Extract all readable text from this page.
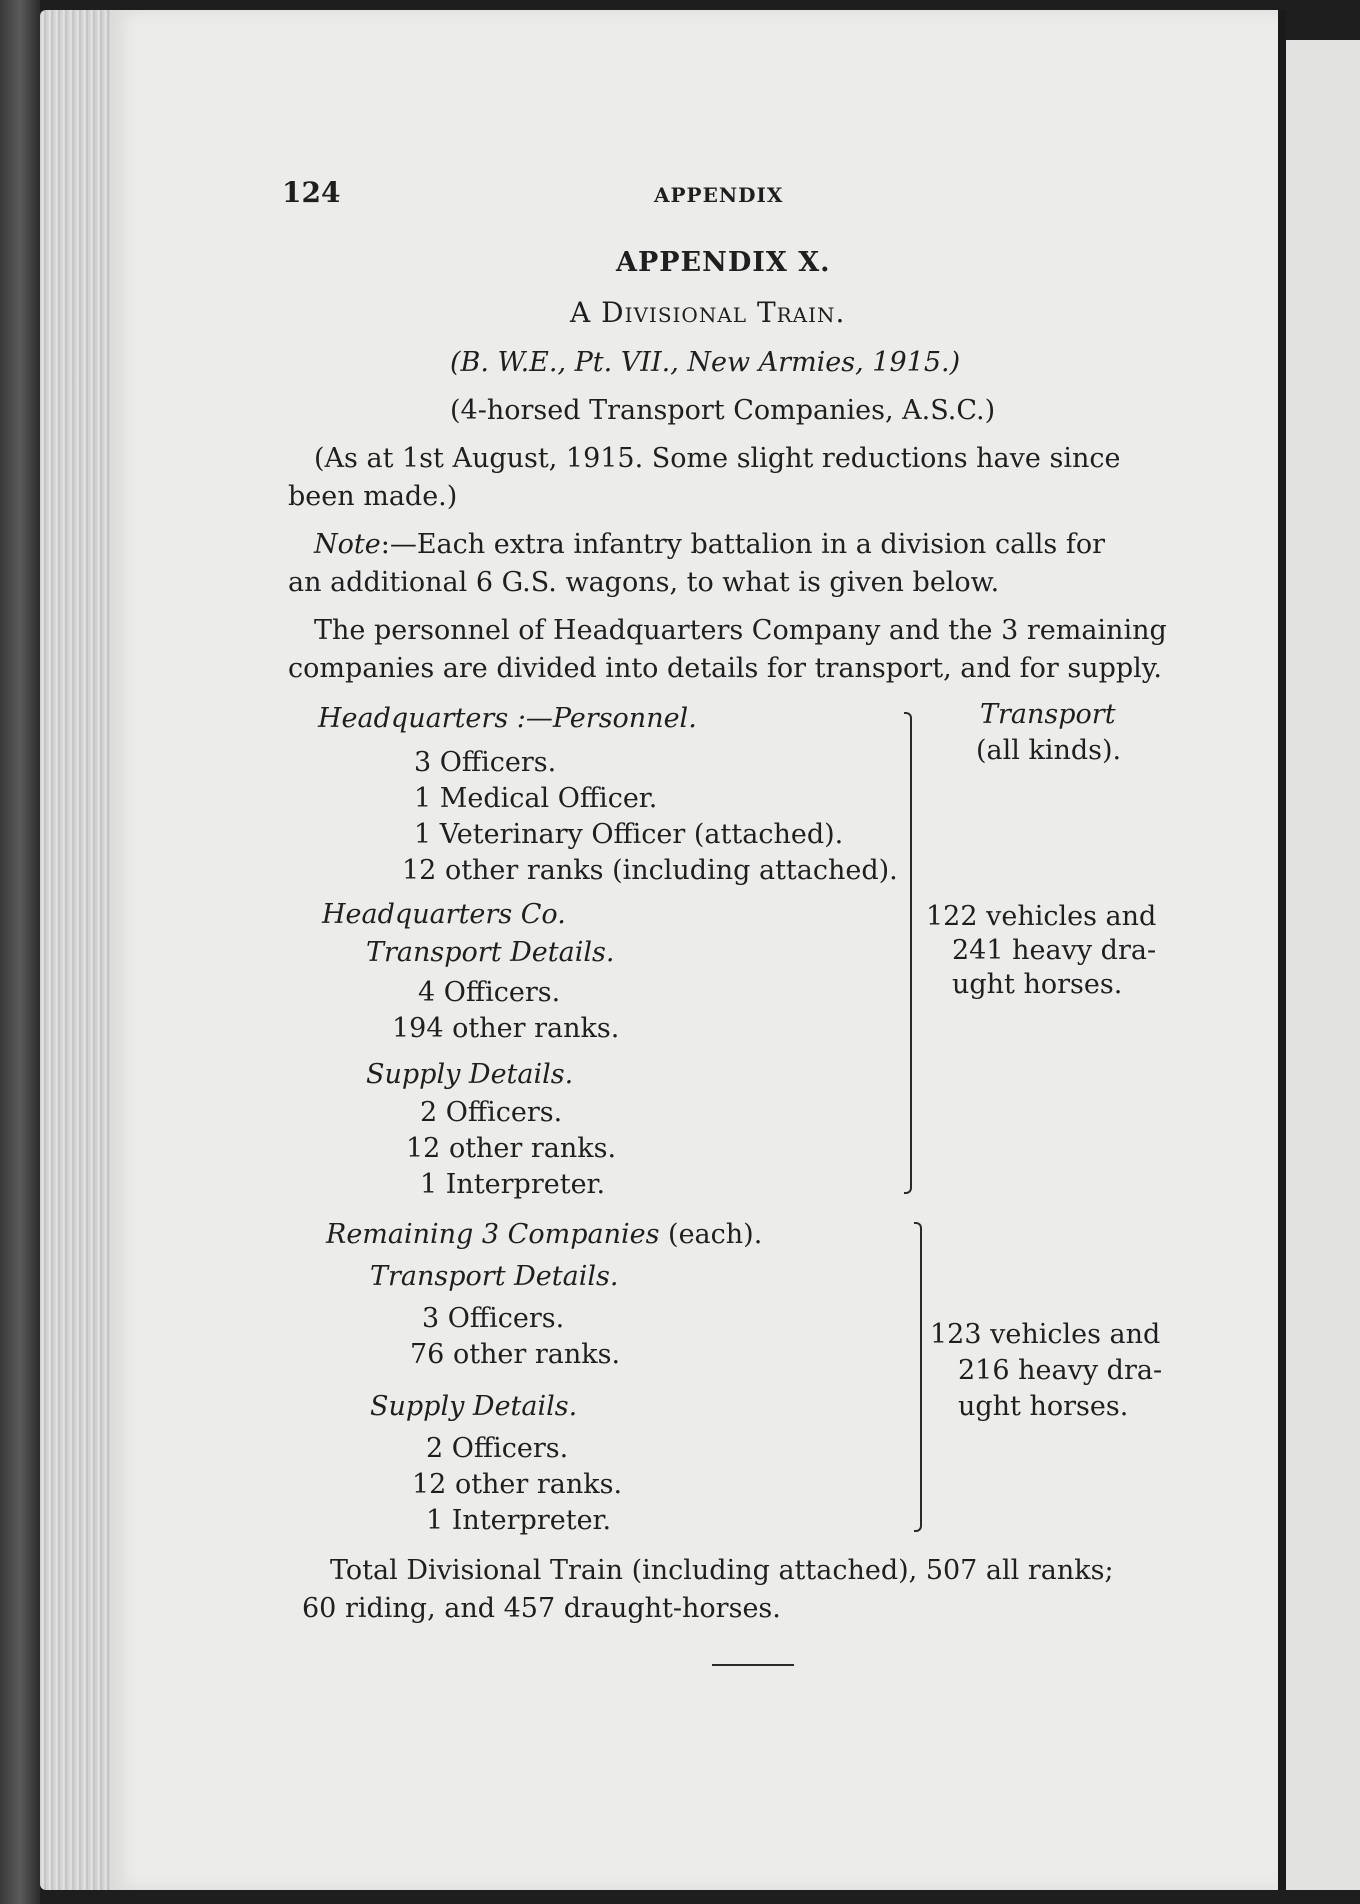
124	APPENDIX
APPENDIX X.
A Divisional Train.
(B. W.E., Pt. VII., New Armies, 1915.)
(4-horsed Transport Companies, A.S.C.)
(As at 1st August, 1915. Some slight reductions have since
been made.)
Note:—Each extra infantry battalion in a division calls for
an additional 6 G.S. wagons, to what is given below.
The personnel of Headquarters Company and the 3 remaining
companies are divided into details for transport, and for supply.
Headquarters :—Personnel.
3 Officers.
1 Medical Officer.
1 Veterinary Officer (attached).
12 other ranks (including attached).
Headquarters Co.
Transport Details.
4 Officers.
194 other ranks.
Supply Details.
2 Officers.
12 other ranks.
1 Interpreter.
Remaining 3 Companies (each).
Transport Details.
3 Officers.
76 other ranks.
Supply Details.
2 Officers.
12 other ranks.
1 Interpreter.
Transport
(all kinds).
122 vehicles and
241 heavy dra-
ught horses.
123 vehicles and
216 heavy dra-
ught horses.
Total Divisional Train (including attached), 507 all ranks;
60 riding, and 457 draught-horses.
